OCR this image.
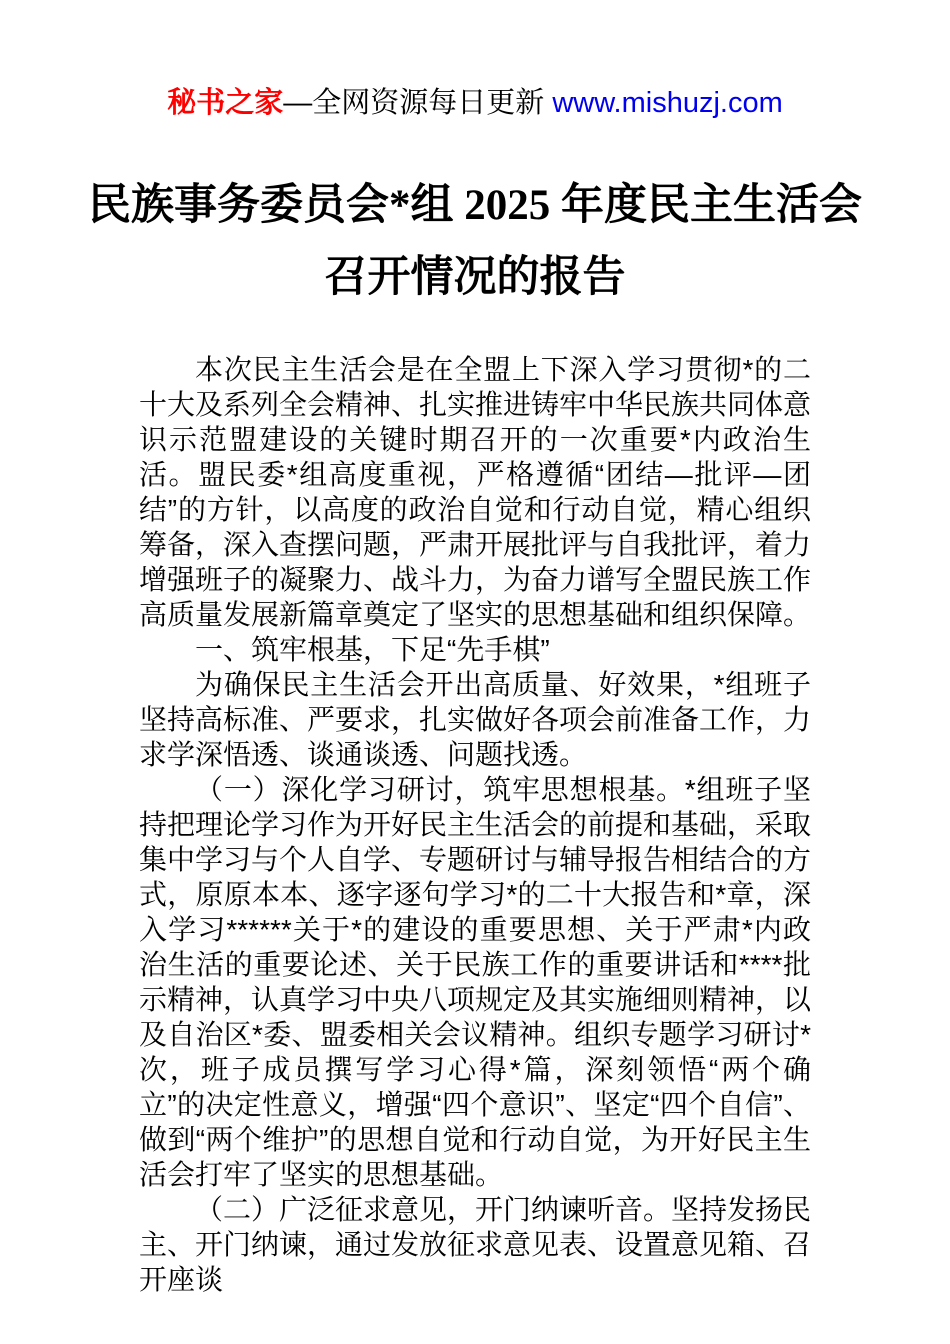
秘书之家—全网资源每日更新 www.mishuzj.com
民族事务委员会*组 2025 年度民主生活会
召开情况的报告

本次民主生活会是在全盟上下深入学习贯彻*的二十大及系列全会精神、扎实推进铸牢中华民族共同体意识示范盟建设的关键时期召开的一次重要*内政治生活。盟民委*组高度重视，严格遵循“团结—批评—团结”的方针，以高度的政治自觉和行动自觉，精心组织筹备，深入查摆问题，严肃开展批评与自我批评，着力增强班子的凝聚力、战斗力，为奋力谱写全盟民族工作高质量发展新篇章奠定了坚实的思想基础和组织保障。

一、筑牢根基，下足“先手棋”

为确保民主生活会开出高质量、好效果，*组班子坚持高标准、严要求，扎实做好各项会前准备工作，力求学深悟透、谈通谈透、问题找透。

（一）深化学习研讨，筑牢思想根基。*组班子坚持把理论学习作为开好民主生活会的前提和基础，采取集中学习与个人自学、专题研讨与辅导报告相结合的方式，原原本本、逐字逐句学习*的二十大报告和*章，深入学习******关于*的建设的重要思想、关于严肃*内政治生活的重要论述、关于民族工作的重要讲话和****批示精神，认真学习中央八项规定及其实施细则精神，以及自治区*委、盟委相关会议精神。组织专题学习研讨*次，班子成员撰写学习心得*篇，深刻领悟“两个确立”的决定性意义，增强“四个意识”、坚定“四个自信”、做到“两个维护”的思想自觉和行动自觉，为开好民主生活会打牢了坚实的思想基础。

（二）广泛征求意见，开门纳谏听音。坚持发扬民主、开门纳谏，通过发放征求意见表、设置意见箱、召开座谈
